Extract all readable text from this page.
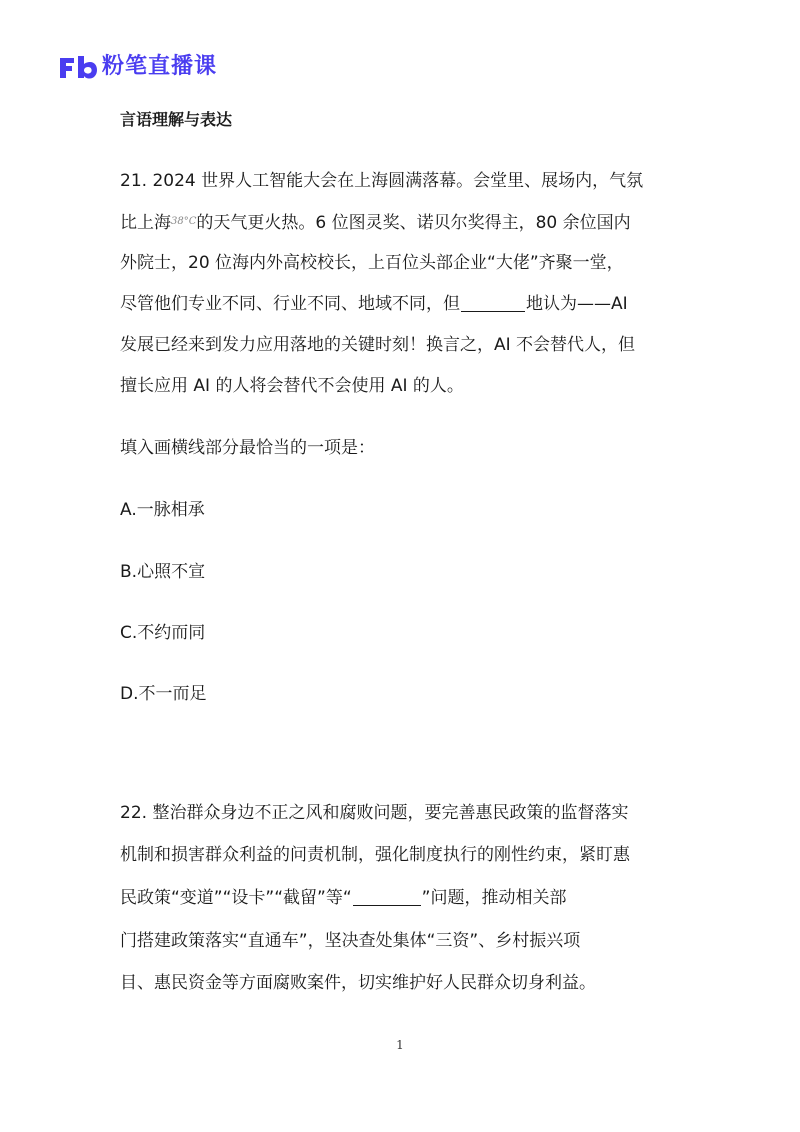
粉笔直播课
言语理解与表达
21. 2024 世界人工智能大会在上海圆满落幕。会堂里、展场内，气氛
比上海$^{38^\circ C}$的天气更火热。6 位图灵奖、诺贝尔奖得主，80 余位国内
外院士，20 位海内外高校校长，上百位头部企业“大佬”齐聚一堂，
尽管他们专业不同、行业不同、地域不同，但	地认为——AI
发展已经来到发力应用落地的关键时刻！换言之，AI 不会替代人，但
擅长应用 AI 的人将会替代不会使用 AI 的人。
填入画横线部分最恰当的一项是：
A.一脉相承
B.心照不宣
C.不约而同
D.不一而足
22. 整治群众身边不正之风和腐败问题，要完善惠民政策的监督落实
机制和损害群众利益的问责机制，强化制度执行的刚性约束，紧盯惠
民政策“变道”“设卡”“截留”等“	”问题，推动相关部
门搭建政策落实“直通车”，坚决查处集体“三资”、乡村振兴项
目、惠民资金等方面腐败案件，切实维护好人民群众切身利益。
1
